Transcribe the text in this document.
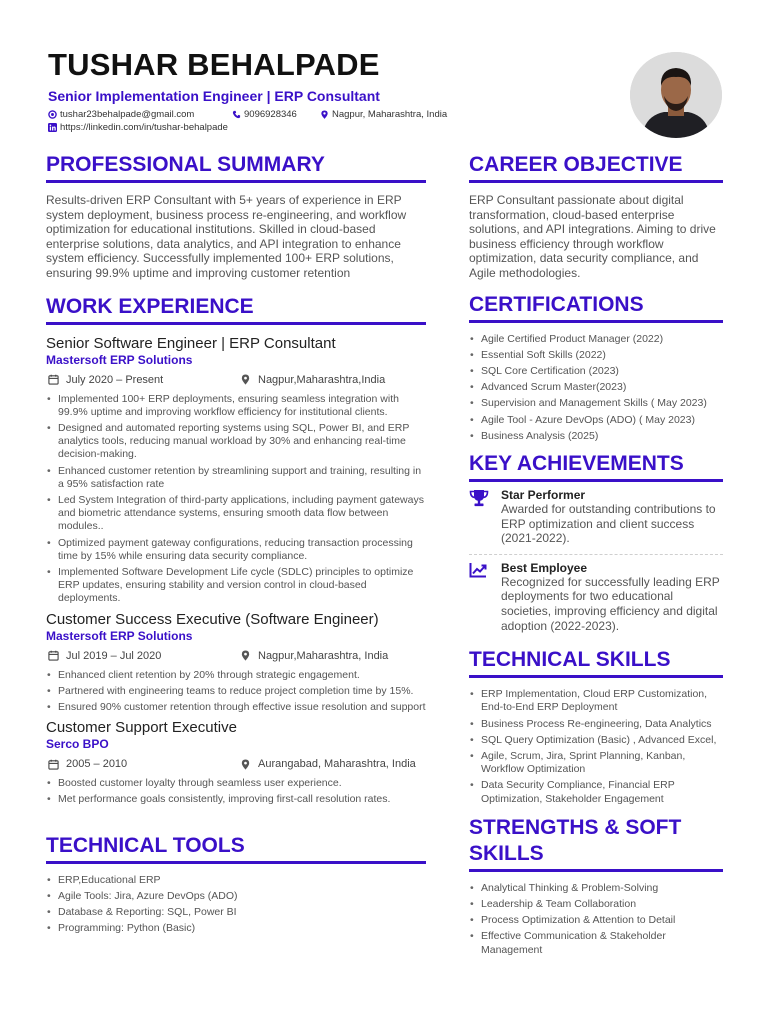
TUSHAR BEHALPADE
Senior Implementation Engineer | ERP Consultant
tushar23behalpade@gmail.com	9096928346	Nagpur, Maharashtra, India
https://linkedin.com/in/tushar-behalpade
PROFESSIONAL SUMMARY

Results-driven ERP Consultant with 5+ years of experience in ERP system deployment, business process re-engineering, and workflow optimization for educational institutions. Skilled in cloud-based enterprise solutions, data analytics, and API integration to enhance system efficiency. Successfully implemented 100+ ERP solutions, ensuring 99.9% uptime and improving customer retention

WORK EXPERIENCE
Senior Software Engineer | ERP Consultant
Mastersoft ERP Solutions
July 2020 – Present	Nagpur,Maharashtra,India
• Implemented 100+ ERP deployments, ensuring seamless integration with 99.9% uptime and improving workflow efficiency for institutional clients.
• Designed and automated reporting systems using SQL, Power BI, and ERP analytics tools, reducing manual workload by 30% and enhancing real-time decision-making.
• Enhanced customer retention by streamlining support and training, resulting in a 95% satisfaction rate
• Led System Integration of third-party applications, including payment gateways and biometric attendance systems, ensuring smooth data flow between modules..
• Optimized payment gateway configurations, reducing transaction processing time by 15% while ensuring data security compliance.
• Implemented Software Development Life cycle (SDLC) principles to optimize ERP updates, ensuring stability and version control in cloud-based deployments.
Customer Success Executive (Software Engineer)
Mastersoft ERP Solutions
Jul 2019 – Jul 2020	Nagpur,Maharashtra, India
• Enhanced client retention by 20% through strategic engagement.
• Partnered with engineering teams to reduce project completion time by 15%.
• Ensured 90% customer retention through effective issue resolution and support
Customer Support Executive
Serco BPO
2005 – 2010	Aurangabad, Maharashtra, India
• Boosted customer loyalty through seamless user experience.
• Met performance goals consistently, improving first-call resolution rates.
TECHNICAL TOOLS
• ERP,Educational ERP
• Agile Tools: Jira, Azure DevOps (ADO)
• Database & Reporting: SQL, Power BI
• Programming: Python (Basic)
CAREER OBJECTIVE

ERP Consultant passionate about digital transformation, cloud-based enterprise solutions, and API integrations. Aiming to drive business efficiency through workflow optimization, data security compliance, and Agile methodologies.

CERTIFICATIONS
• Agile Certified Product Manager (2022)
• Essential Soft Skills (2022)
• SQL Core Certification (2023)
• Advanced Scrum Master(2023)
• Supervision and Management Skills ( May 2023)
• Agile Tool - Azure DevOps (ADO) ( May 2023)
• Business Analysis (2025)
KEY ACHIEVEMENTS
Star Performer
Awarded for outstanding contributions to ERP optimization and client success (2021-2022).
Best Employee
Recognized for successfully leading ERP deployments for two educational societies, improving efficiency and digital adoption (2022-2023).
TECHNICAL SKILLS
• ERP Implementation, Cloud ERP Customization, End-to-End ERP Deployment
• Business Process Re-engineering, Data Analytics
• SQL Query Optimization (Basic) , Advanced Excel,
• Agile, Scrum, Jira, Sprint Planning, Kanban, Workflow Optimization
• Data Security Compliance, Financial ERP Optimization, Stakeholder Engagement
STRENGTHS & SOFT SKILLS
• Analytical Thinking & Problem-Solving
• Leadership & Team Collaboration
• Process Optimization & Attention to Detail
• Effective Communication & Stakeholder Management
